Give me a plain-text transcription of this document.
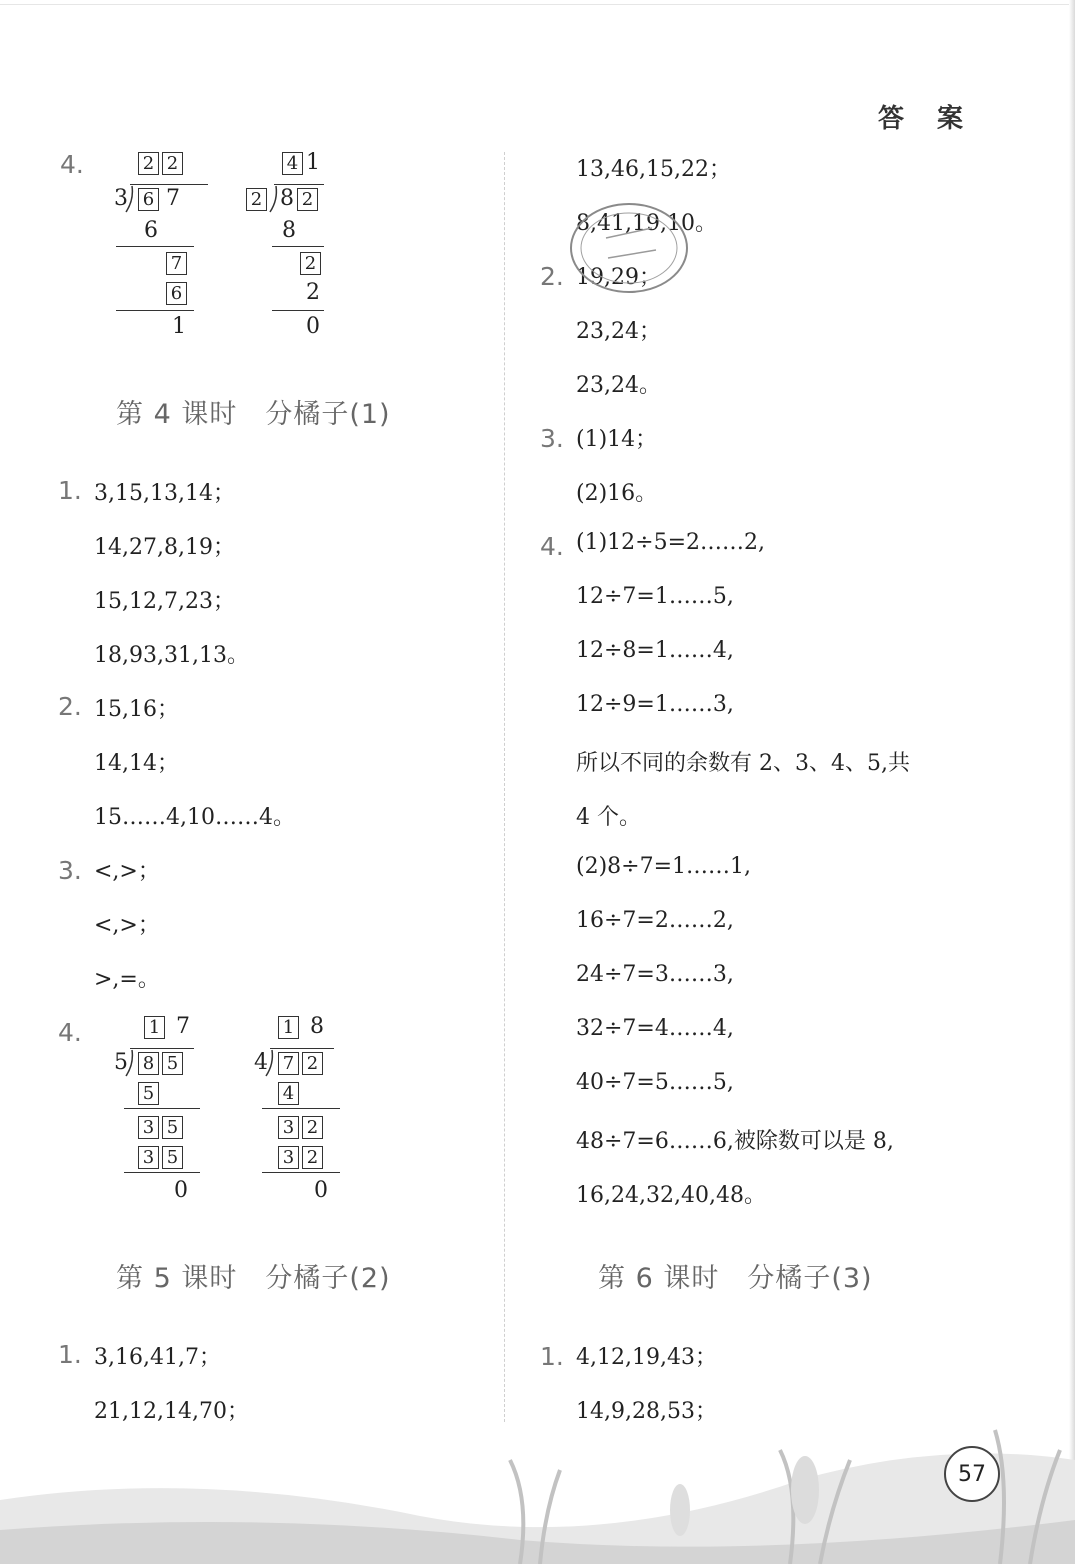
答 案
4.	2 2
3 6 7
6
7
6
1
4 1
2 8 2
8
2
2
0
第 4 课时　分橘子(1)
1. 3,15,13,14；
14,27,8,19；
15,12,7,23；
18,93,31,13。
2. 15,16；
14,14；
15……4,10……4。
3. <,>；
<,>；
>,=。
4.	1 7
5 8 5
5
3 5
3 5
0
1 8
4 7 2
4
3 2
3 2
0
第 5 课时　分橘子(2)
1. 3,16,41,7；
21,12,14,70；
13,46,15,22；
8,41,19,10。
2. 19,29；
23,24；
23,24。
3. (1)14；
(2)16。
4. (1)12÷5=2……2,
12÷7=1……5,
12÷8=1……4,
12÷9=1……3,
所以不同的余数有 2、3、4、5,共
4 个。
(2)8÷7=1……1,
16÷7=2……2,
24÷7=3……3,
32÷7=4……4,
40÷7=5……5,
48÷7=6……6,被除数可以是 8,
16,24,32,40,48。
第 6 课时　分橘子(3)
1. 4,12,19,43；
14,9,28,53；
57
